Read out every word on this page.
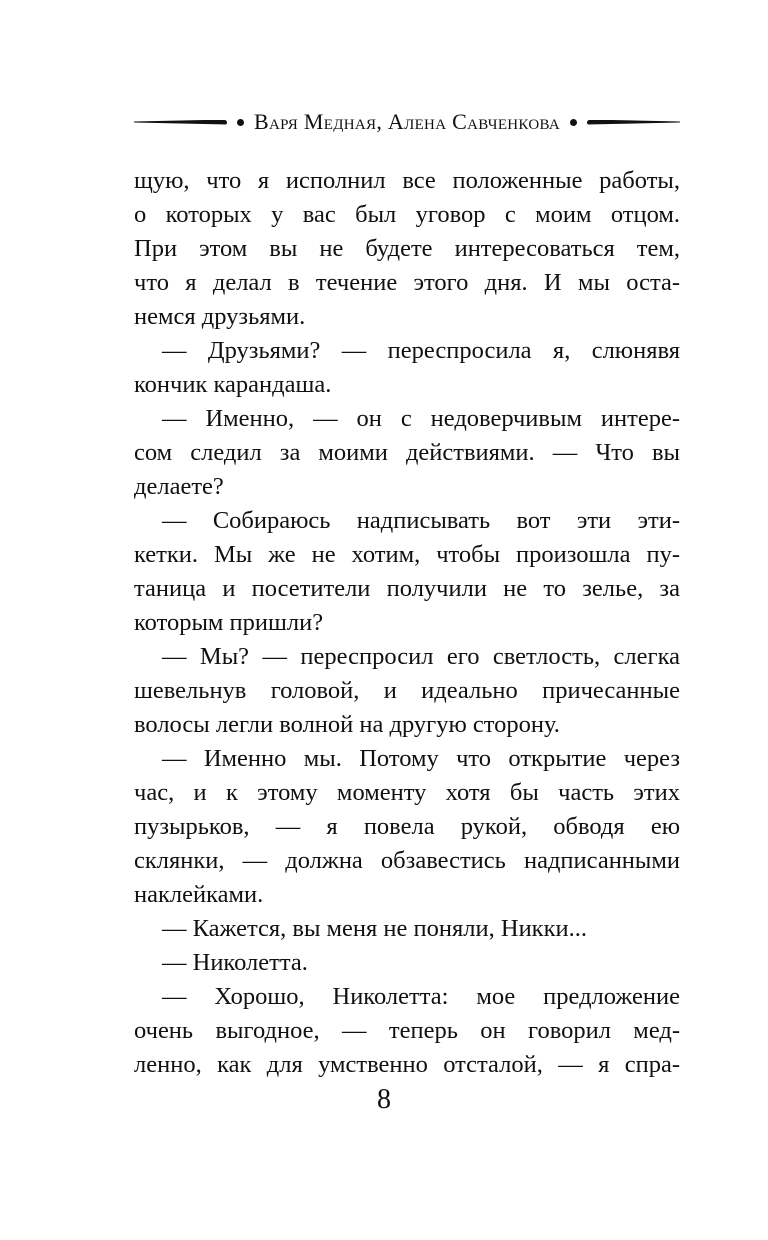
Варя Медная, Алена Савченкова
щую, что я исполнил все положенные работы,
о которых у вас был уговор с моим отцом.
При этом вы не будете интересоваться тем,
что я делал в течение этого дня. И мы оста-
немся друзьями.
— Друзьями? — переспросила я, слюнявя
кончик карандаша.
— Именно, — он с недоверчивым интере-
сом следил за моими действиями. — Что вы
делаете?
— Собираюсь надписывать вот эти эти-
кетки. Мы же не хотим, чтобы произошла пу-
таница и посетители получили не то зелье, за
которым пришли?
— Мы? — переспросил его светлость, слегка
шевельнув головой, и идеально причесанные
волосы легли волной на другую сторону.
— Именно мы. Потому что открытие через
час, и к этому моменту хотя бы часть этих
пузырьков, — я повела рукой, обводя ею
склянки, — должна обзавестись надписанными
наклейками.
— Кажется, вы меня не поняли, Никки...
— Николетта.
— Хорошо, Николетта: мое предложение
очень выгодное, — теперь он говорил мед-
ленно, как для умственно отсталой, — я спра-
8
